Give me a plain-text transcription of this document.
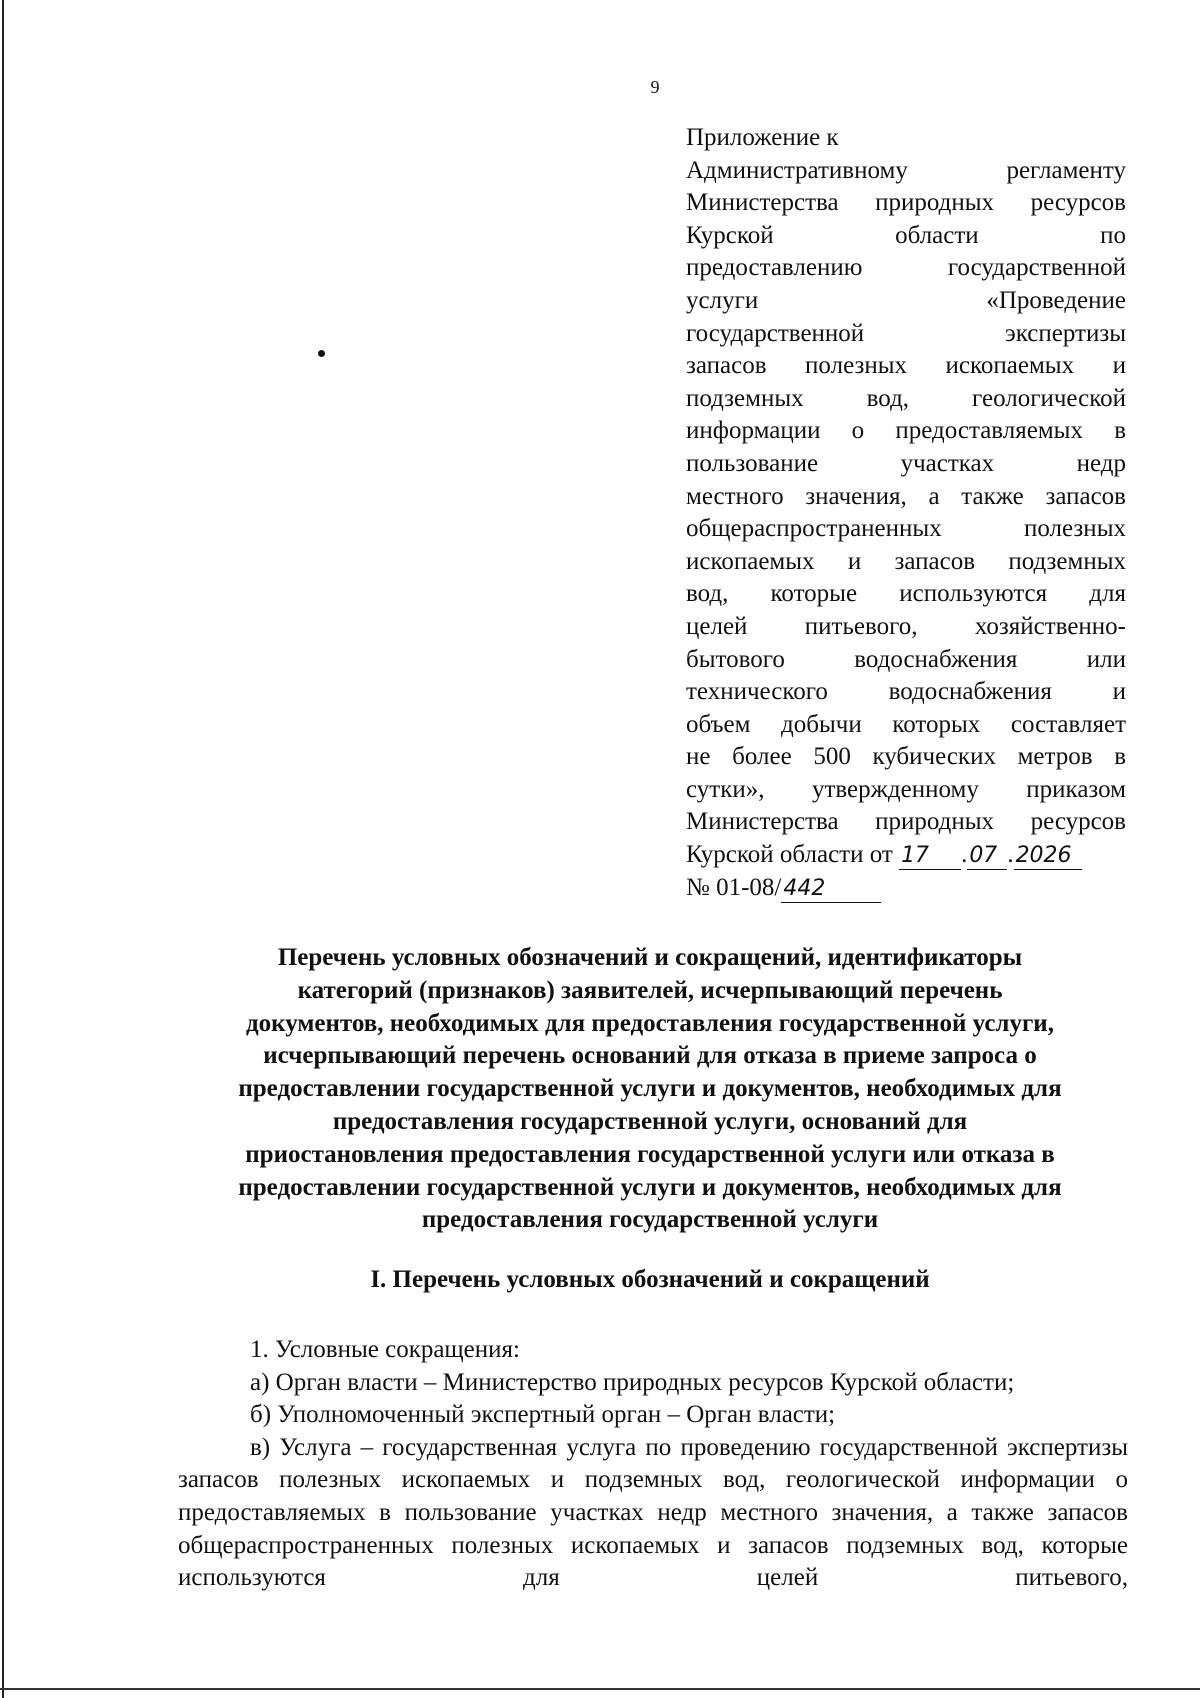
9
Приложение к
Административному регламенту
Министерства природных ресурсов
Курской области по
предоставлению государственной
услуги «Проведение
государственной экспертизы
запасов полезных ископаемых и
подземных вод, геологической
информации о предоставляемых в
пользование участках недр
местного значения, а также запасов
общераспространенных полезных
ископаемых и запасов подземных
вод, которые используются для
целей питьевого, хозяйственно-
бытового водоснабжения или
технического водоснабжения и
объем добычи которых составляет
не более 500 кубических метров в
сутки», утвержденному приказом
Министерства природных ресурсов
Курской области от 17 .07 .2026
№ 01-08/442
Перечень условных обозначений и сокращений, идентификаторы
категорий (признаков) заявителей, исчерпывающий перечень
документов, необходимых для предоставления государственной услуги,
исчерпывающий перечень оснований для отказа в приеме запроса о
предоставлении государственной услуги и документов, необходимых для
предоставления государственной услуги, оснований для
приостановления предоставления государственной услуги или отказа в
предоставлении государственной услуги и документов, необходимых для
предоставления государственной услуги
I. Перечень условных обозначений и сокращений
1. Условные сокращения:
а) Орган власти – Министерство природных ресурсов Курской области;
б) Уполномоченный экспертный орган – Орган власти;
в) Услуга – государственная услуга по проведению государственной экспертизы запасов полезных ископаемых и подземных вод, геологической информации о предоставляемых в пользование участках недр местного значения, а также запасов общераспространенных полезных ископаемых и запасов подземных вод, которые используются для целей питьевого,
